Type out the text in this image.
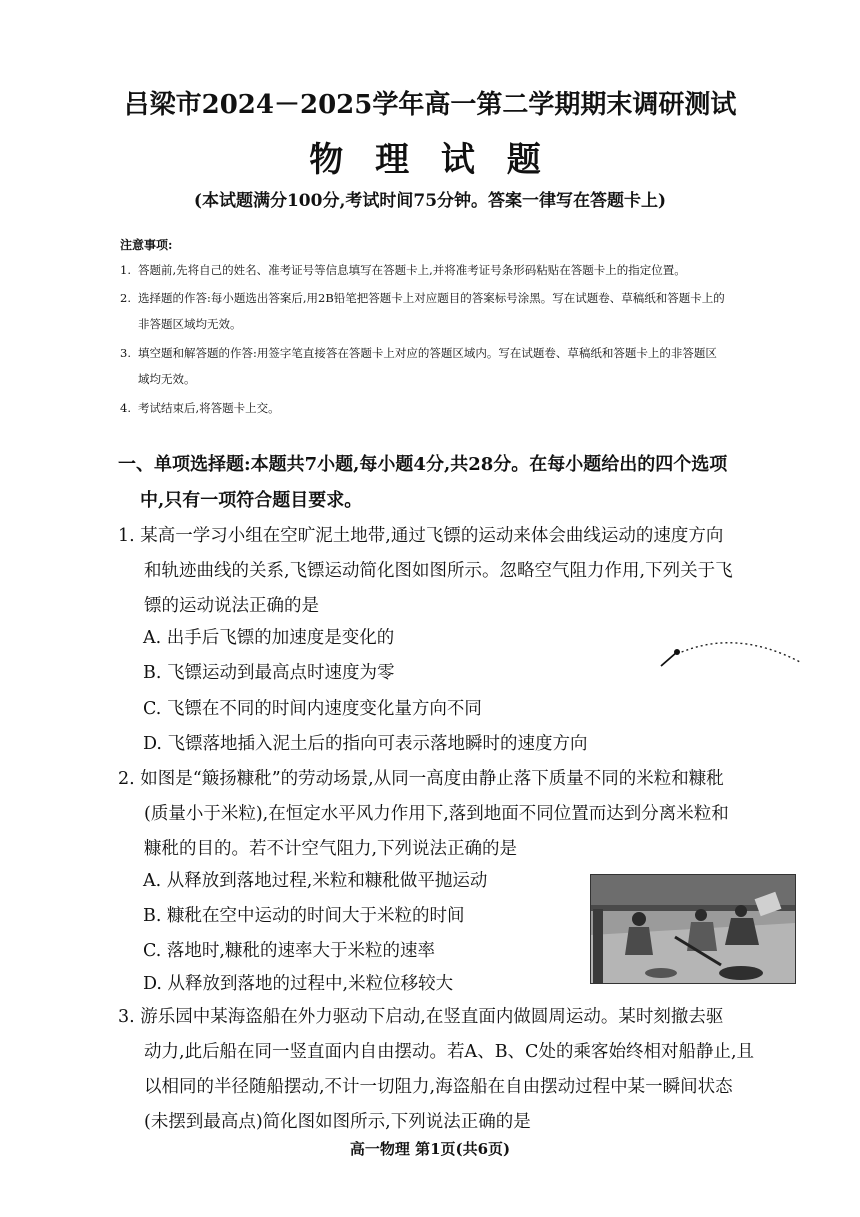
吕梁市2024－2025学年高一第二学期期末调研测试
物 理 试 题
(本试题满分100分,考试时间75分钟。答案一律写在答题卡上)
注意事项:
1. 答题前,先将自己的姓名、准考证号等信息填写在答题卡上,并将准考证号条形码粘贴在答题卡上的指定位置。
2. 选择题的作答:每小题选出答案后,用2B铅笔把答题卡上对应题目的答案标号涂黑。写在试题卷、草稿纸和答题卡上的
非答题区域均无效。
3. 填空题和解答题的作答:用签字笔直接答在答题卡上对应的答题区域内。写在试题卷、草稿纸和答题卡上的非答题区
域均无效。
4. 考试结束后,将答题卡上交。
一、单项选择题:本题共7小题,每小题4分,共28分。在每小题给出的四个选项
中,只有一项符合题目要求。
1. 某高一学习小组在空旷泥土地带,通过飞镖的运动来体会曲线运动的速度方向
和轨迹曲线的关系,飞镖运动简化图如图所示。忽略空气阻力作用,下列关于飞
镖的运动说法正确的是
A. 出手后飞镖的加速度是变化的
B. 飞镖运动到最高点时速度为零
C. 飞镖在不同的时间内速度变化量方向不同
D. 飞镖落地插入泥土后的指向可表示落地瞬时的速度方向
2. 如图是“簸扬糠秕”的劳动场景,从同一高度由静止落下质量不同的米粒和糠秕
(质量小于米粒),在恒定水平风力作用下,落到地面不同位置而达到分离米粒和
糠秕的目的。若不计空气阻力,下列说法正确的是
A. 从释放到落地过程,米粒和糠秕做平抛运动
B. 糠秕在空中运动的时间大于米粒的时间
C. 落地时,糠秕的速率大于米粒的速率
D. 从释放到落地的过程中,米粒位移较大
3. 游乐园中某海盗船在外力驱动下启动,在竖直面内做圆周运动。某时刻撤去驱
动力,此后船在同一竖直面内自由摆动。若A、B、C处的乘客始终相对船静止,且
以相同的半径随船摆动,不计一切阻力,海盗船在自由摆动过程中某一瞬间状态
(未摆到最高点)简化图如图所示,下列说法正确的是
高一物理 第1页(共6页)
